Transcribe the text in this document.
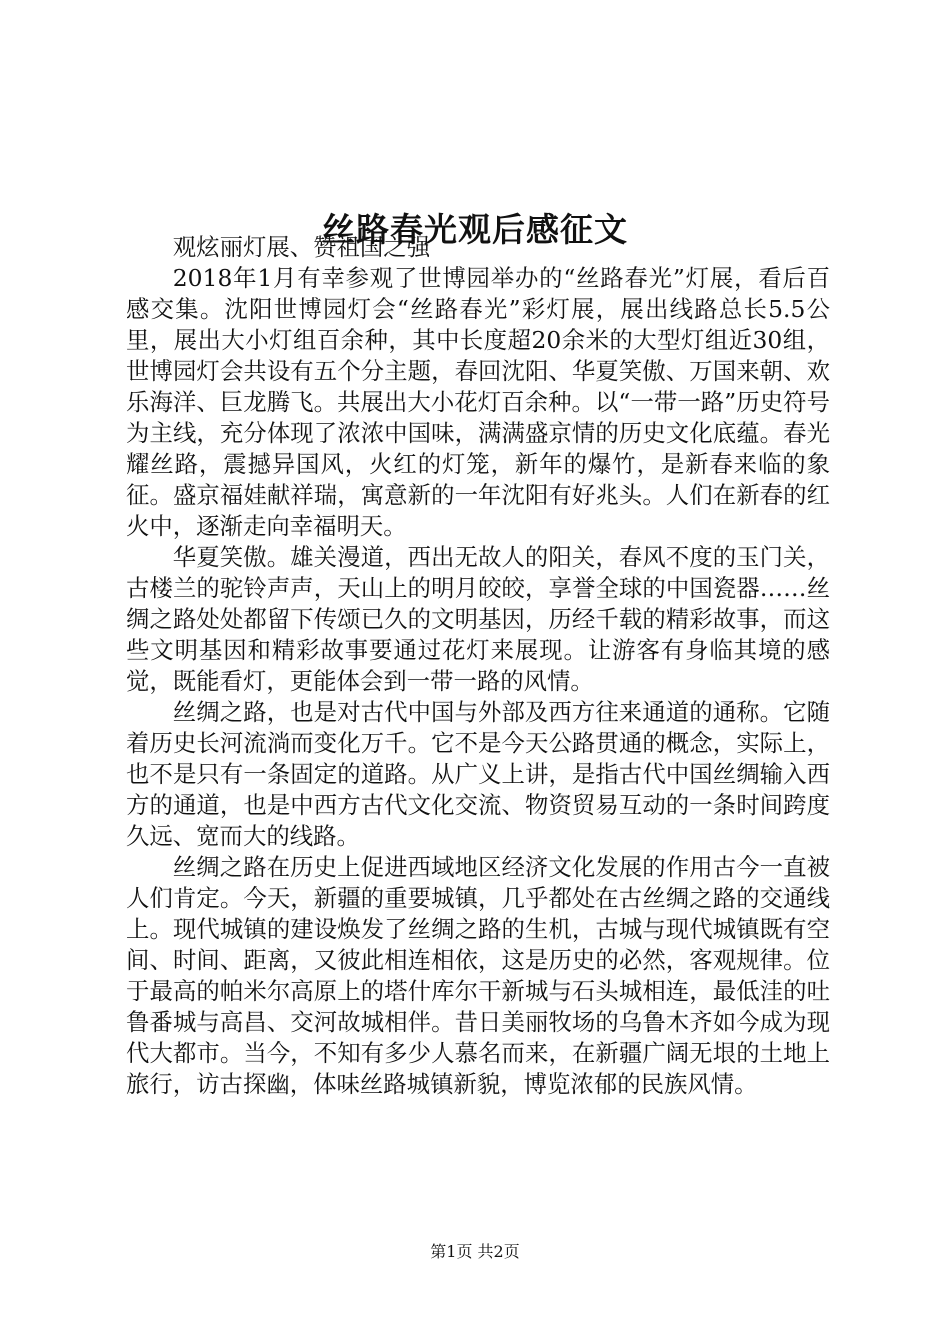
丝路春光观后感征文

观炫丽灯展、赞祖国之强

2018年1月有幸参观了世博园举办的“丝路春光”灯展，看后百感交集。沈阳世博园灯会“丝路春光”彩灯展，展出线路总长5.5公里，展出大小灯组百余种，其中长度超20余米的大型灯组近30组，世博园灯会共设有五个分主题，春回沈阳、华夏笑傲、万国来朝、欢乐海洋、巨龙腾飞。共展出大小花灯百余种。以“一带一路”历史符号为主线，充分体现了浓浓中国味，满满盛京情的历史文化底蕴。春光耀丝路，震撼异国风，火红的灯笼，新年的爆竹，是新春来临的象征。盛京福娃献祥瑞，寓意新的一年沈阳有好兆头。人们在新春的红火中，逐渐走向幸福明天。

华夏笑傲。雄关漫道，西出无故人的阳关，春风不度的玉门关，古楼兰的驼铃声声，天山上的明月皎皎，享誉全球的中国瓷器……丝绸之路处处都留下传颂已久的文明基因，历经千载的精彩故事，而这些文明基因和精彩故事要通过花灯来展现。让游客有身临其境的感觉，既能看灯，更能体会到一带一路的风情。

丝绸之路，也是对古代中国与外部及西方往来通道的通称。它随着历史长河流淌而变化万千。它不是今天公路贯通的概念，实际上，也不是只有一条固定的道路。从广义上讲，是指古代中国丝绸输入西方的通道，也是中西方古代文化交流、物资贸易互动的一条时间跨度久远、宽而大的线路。

丝绸之路在历史上促进西域地区经济文化发展的作用古今一直被人们肯定。今天，新疆的重要城镇，几乎都处在古丝绸之路的交通线上。现代城镇的建设焕发了丝绸之路的生机，古城与现代城镇既有空间、时间、距离，又彼此相连相依，这是历史的必然，客观规律。位于最高的帕米尔高原上的塔什库尔干新城与石头城相连，最低洼的吐鲁番城与高昌、交河故城相伴。昔日美丽牧场的乌鲁木齐如今成为现代大都市。当今，不知有多少人慕名而来，在新疆广阔无垠的土地上旅行，访古探幽，体味丝路城镇新貌，博览浓郁的民族风情。

第1页 共2页
